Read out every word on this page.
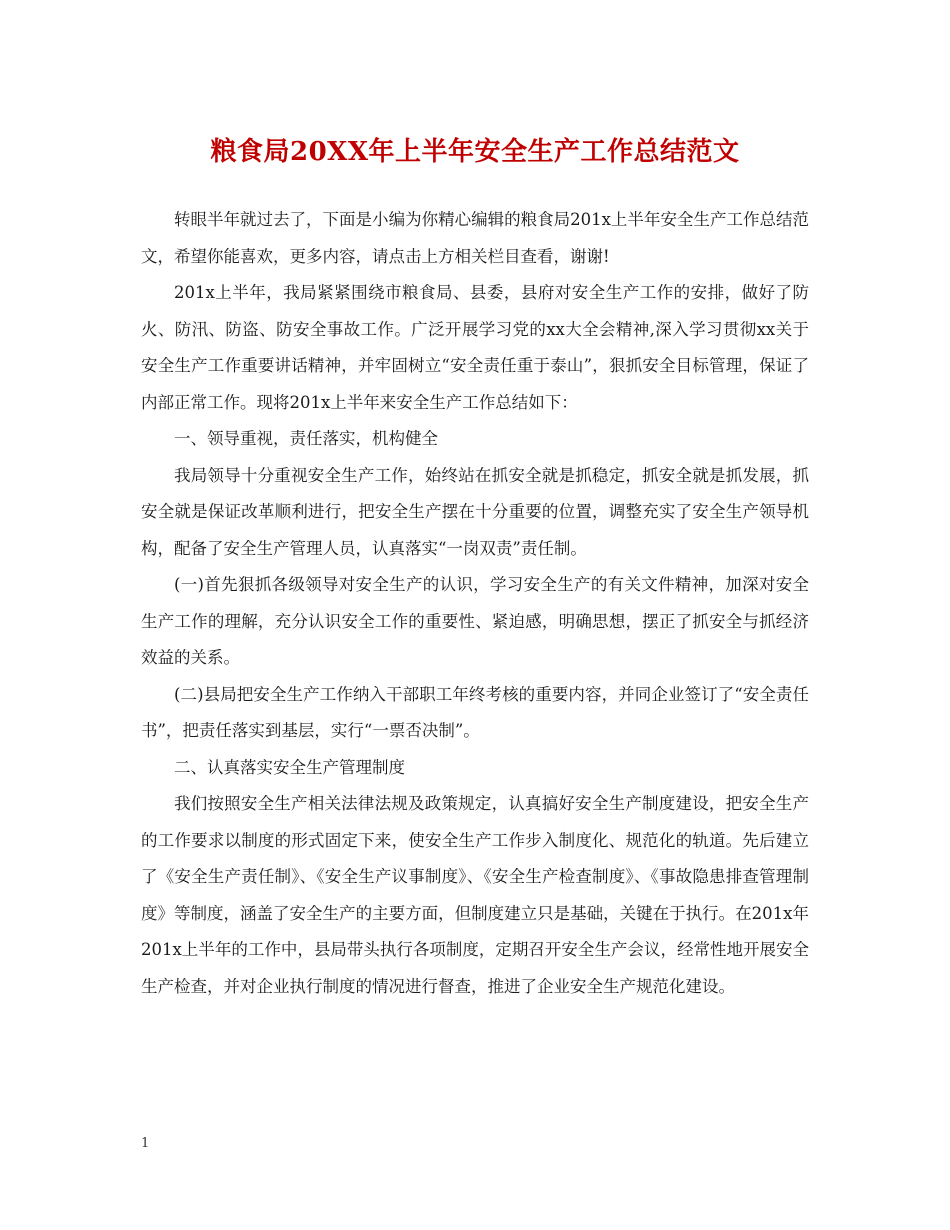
粮食局20XX年上半年安全生产工作总结范文

转眼半年就过去了，下面是小编为你精心编辑的粮食局201x上半年安全生产工作总结范文，希望你能喜欢，更多内容，请点击上方相关栏目查看，谢谢!

201x上半年，我局紧紧围绕市粮食局、县委，县府对安全生产工作的安排，做好了防火、防汛、防盗、防安全事故工作。广泛开展学习党的xx大全会精神,深入学习贯彻xx关于安全生产工作重要讲话精神，并牢固树立“安全责任重于泰山”，狠抓安全目标管理，保证了内部正常工作。现将201x上半年来安全生产工作总结如下：

一、领导重视，责任落实，机构健全

我局领导十分重视安全生产工作，始终站在抓安全就是抓稳定，抓安全就是抓发展，抓安全就是保证改革顺利进行，把安全生产摆在十分重要的位置，调整充实了安全生产领导机构，配备了安全生产管理人员，认真落实“一岗双责”责任制。

(一)首先狠抓各级领导对安全生产的认识，学习安全生产的有关文件精神，加深对安全生产工作的理解，充分认识安全工作的重要性、紧迫感，明确思想，摆正了抓安全与抓经济效益的关系。

(二)县局把安全生产工作纳入干部职工年终考核的重要内容，并同企业签订了“安全责任书”，把责任落实到基层，实行“一票否决制”。

二、认真落实安全生产管理制度

我们按照安全生产相关法律法规及政策规定，认真搞好安全生产制度建设，把安全生产的工作要求以制度的形式固定下来，使安全生产工作步入制度化、规范化的轨道。先后建立了《安全生产责任制》、《安全生产议事制度》、《安全生产检查制度》、《事故隐患排查管理制度》等制度，涵盖了安全生产的主要方面，但制度建立只是基础，关键在于执行。在201x年201x上半年的工作中，县局带头执行各项制度，定期召开安全生产会议，经常性地开展安全生产检查，并对企业执行制度的情况进行督查，推进了企业安全生产规范化建设。

1
